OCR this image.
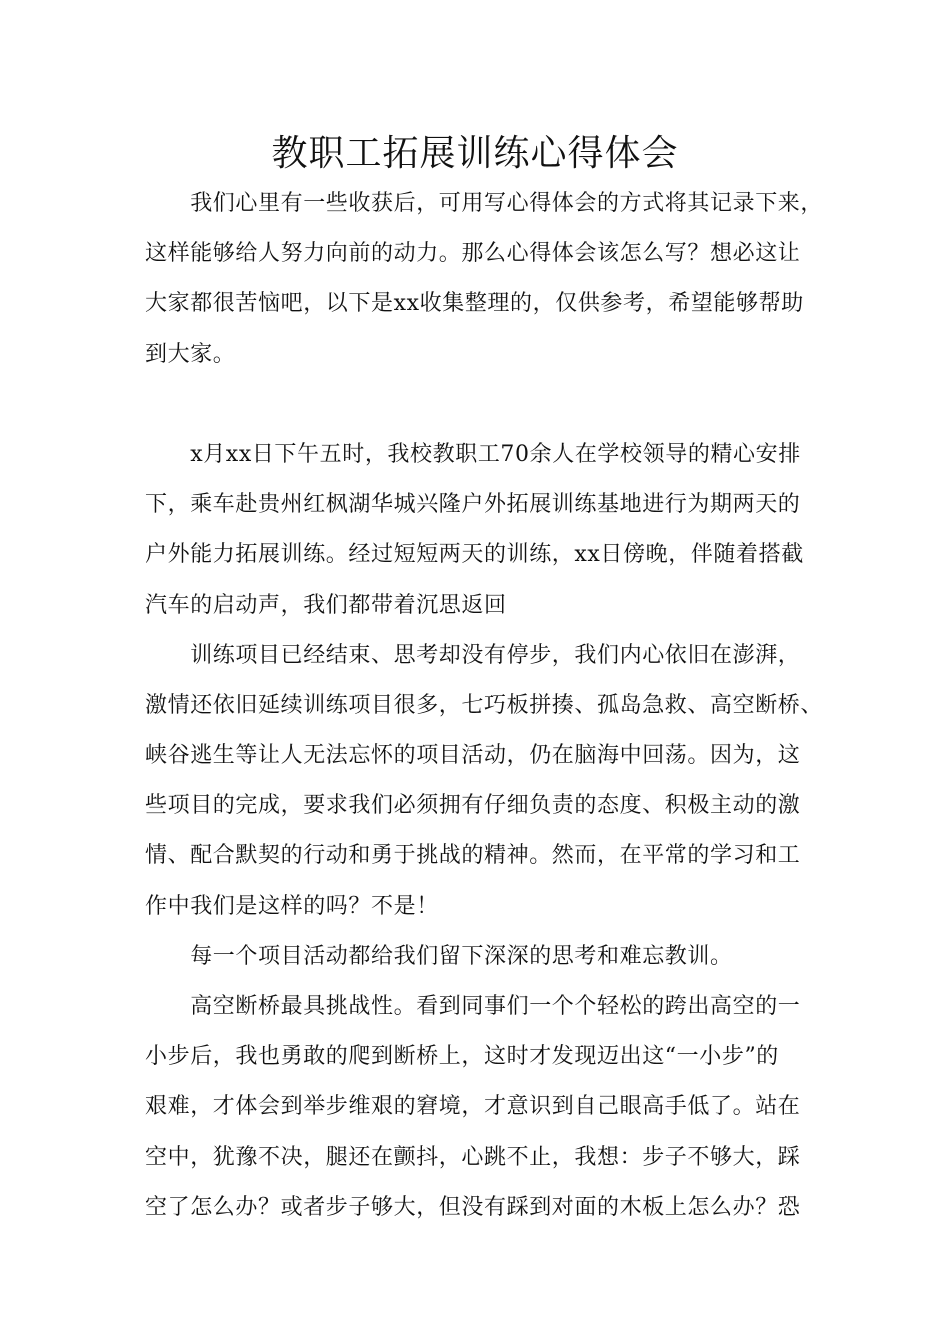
教职工拓展训练心得体会
　　我们心里有一些收获后，可用写心得体会的方式将其记录下来，
这样能够给人努力向前的动力。那么心得体会该怎么写？想必这让
大家都很苦恼吧，以下是xx收集整理的，仅供参考，希望能够帮助
到大家。
　　x月xx日下午五时，我校教职工70余人在学校领导的精心安排
下，乘车赴贵州红枫湖华城兴隆户外拓展训练基地进行为期两天的
户外能力拓展训练。经过短短两天的训练，xx日傍晚，伴随着搭截
汽车的启动声，我们都带着沉思返回
　　训练项目已经结束、思考却没有停步，我们内心依旧在澎湃，
激情还依旧延续训练项目很多，七巧板拼揍、孤岛急救、高空断桥、
峡谷逃生等让人无法忘怀的项目活动，仍在脑海中回荡。因为，这
些项目的完成，要求我们必须拥有仔细负责的态度、积极主动的激
情、配合默契的行动和勇于挑战的精神。然而，在平常的学习和工
作中我们是这样的吗？不是！
　　每一个项目活动都给我们留下深深的思考和难忘教训。
　　高空断桥最具挑战性。看到同事们一个个轻松的跨出高空的一
小步后，我也勇敢的爬到断桥上，这时才发现迈出这“一小步”的
艰难，才体会到举步维艰的窘境，才意识到自己眼高手低了。站在
空中，犹豫不决，腿还在颤抖，心跳不止，我想：步子不够大，踩
空了怎么办？或者步子够大，但没有踩到对面的木板上怎么办？恐
